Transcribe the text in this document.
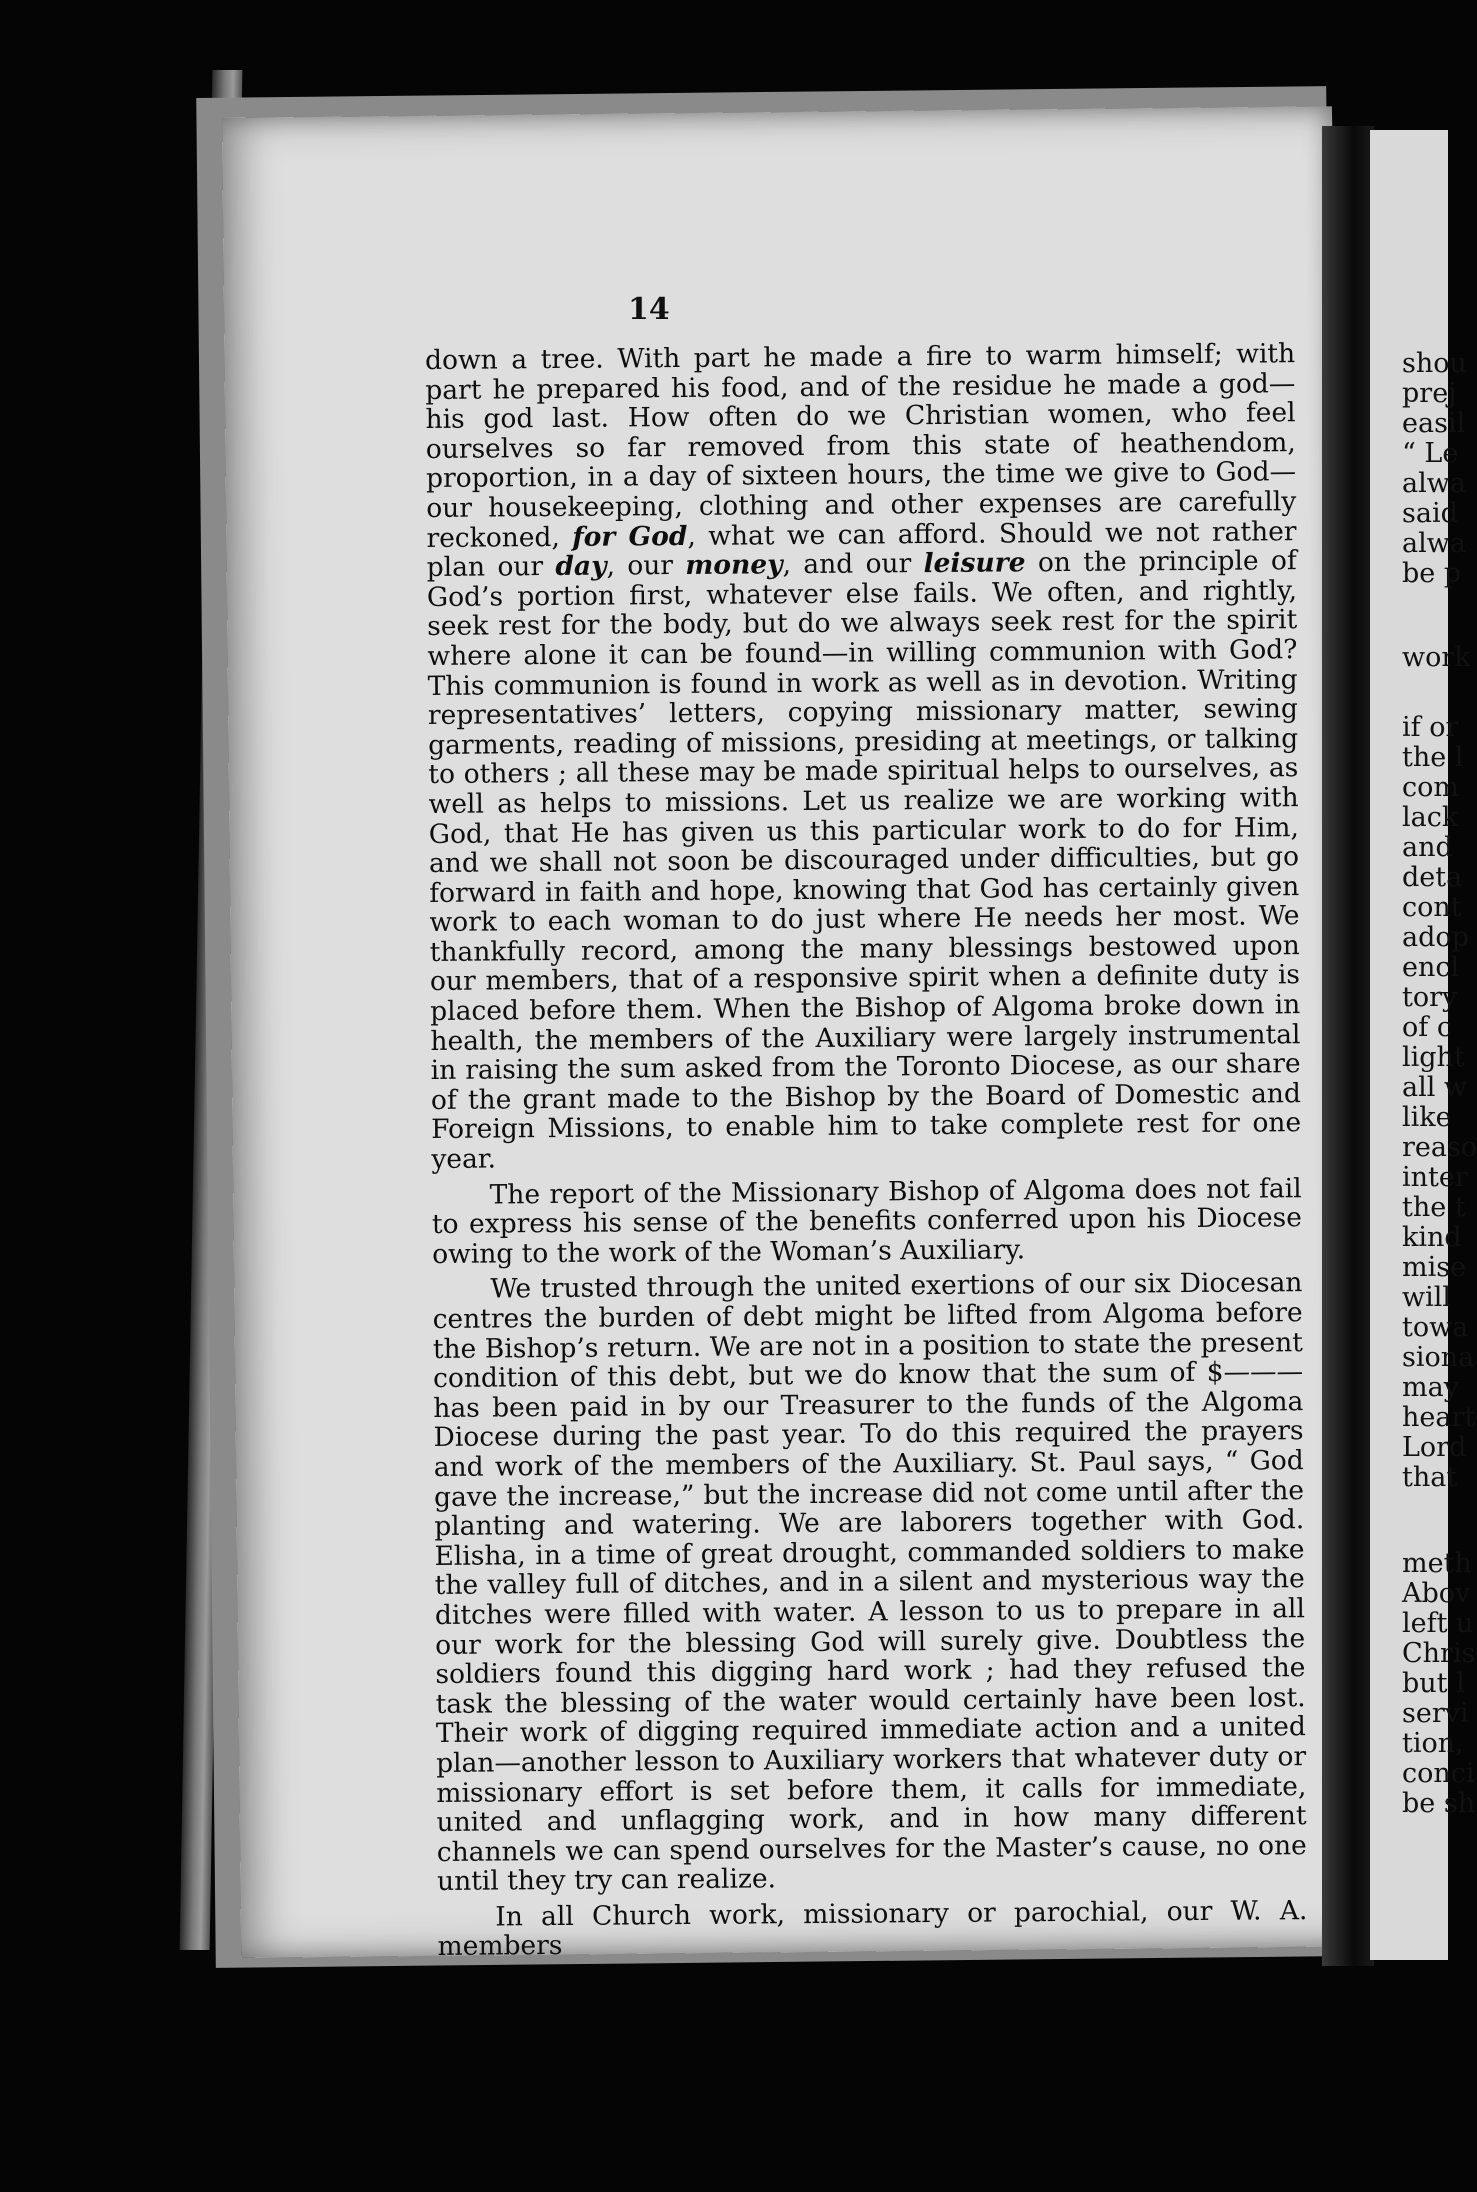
shou
prej
easil
“ Le
alwa
said
alwa
be p
work
if or
the l
com
lack
and
deta
cont
adop
encl
tory
of c
light
all w
like
reaso
inter
the t
kind
mise
will
towa
siona
may
heart
Lord
that
meth
Abov
left u
Chris
but l
servi
tion,
conci
be sh
14

down a tree. With part he made a fire to warm himself; with part he prepared his food, and of the residue he made a god—his god last. How often do we Christian women, who feel ourselves so far removed from this state of heathendom, proportion, in a day of sixteen hours, the time we give to God—our housekeeping, clothing and other expenses are carefully reckoned, for God, what we can afford. Should we not rather plan our day, our money, and our leisure on the principle of God’s portion first, whatever else fails. We often, and rightly, seek rest for the body, but do we always seek rest for the spirit where alone it can be found—in willing communion with God? This communion is found in work as well as in devotion. Writing representatives’ letters, copying missionary matter, sewing garments, reading of missions, presiding at meetings, or talking to others ; all these may be made spiritual helps to ourselves, as well as helps to missions. Let us realize we are working with God, that He has given us this particular work to do for Him, and we shall not soon be discouraged under difficulties, but go forward in faith and hope, knowing that God has certainly given work to each woman to do just where He needs her most. We thankfully record, among the many blessings bestowed upon our members, that of a responsive spirit when a definite duty is placed before them. When the Bishop of Algoma broke down in health, the members of the Auxiliary were largely instrumental in raising the sum asked from the Toronto Diocese, as our share of the grant made to the Bishop by the Board of Domestic and Foreign Missions, to enable him to take complete rest for one year.

The report of the Missionary Bishop of Algoma does not fail to express his sense of the benefits conferred upon his Diocese owing to the work of the Woman’s Auxiliary.

We trusted through the united exertions of our six Diocesan centres the burden of debt might be lifted from Algoma before the Bishop’s return. We are not in a position to state the present condition of this debt, but we do know that the sum of $———has been paid in by our Treasurer to the funds of the Algoma Diocese during the past year. To do this required the prayers and work of the members of the Auxiliary. St. Paul says, “ God gave the increase,” but the increase did not come until after the planting and watering. We are laborers together with God. Elisha, in a time of great drought, commanded soldiers to make the valley full of ditches, and in a silent and mysterious way the ditches were filled with water. A lesson to us to prepare in all our work for the blessing God will surely give. Doubtless the soldiers found this digging hard work ; had they refused the task the blessing of the water would certainly have been lost. Their work of digging required immediate action and a united plan—another lesson to Auxiliary workers that whatever duty or missionary effort is set before them, it calls for immediate, united and unflagging work, and in how many different channels we can spend ourselves for the Master’s cause, no one until they try can realize.

In all Church work, missionary or parochial, our W. A. members
